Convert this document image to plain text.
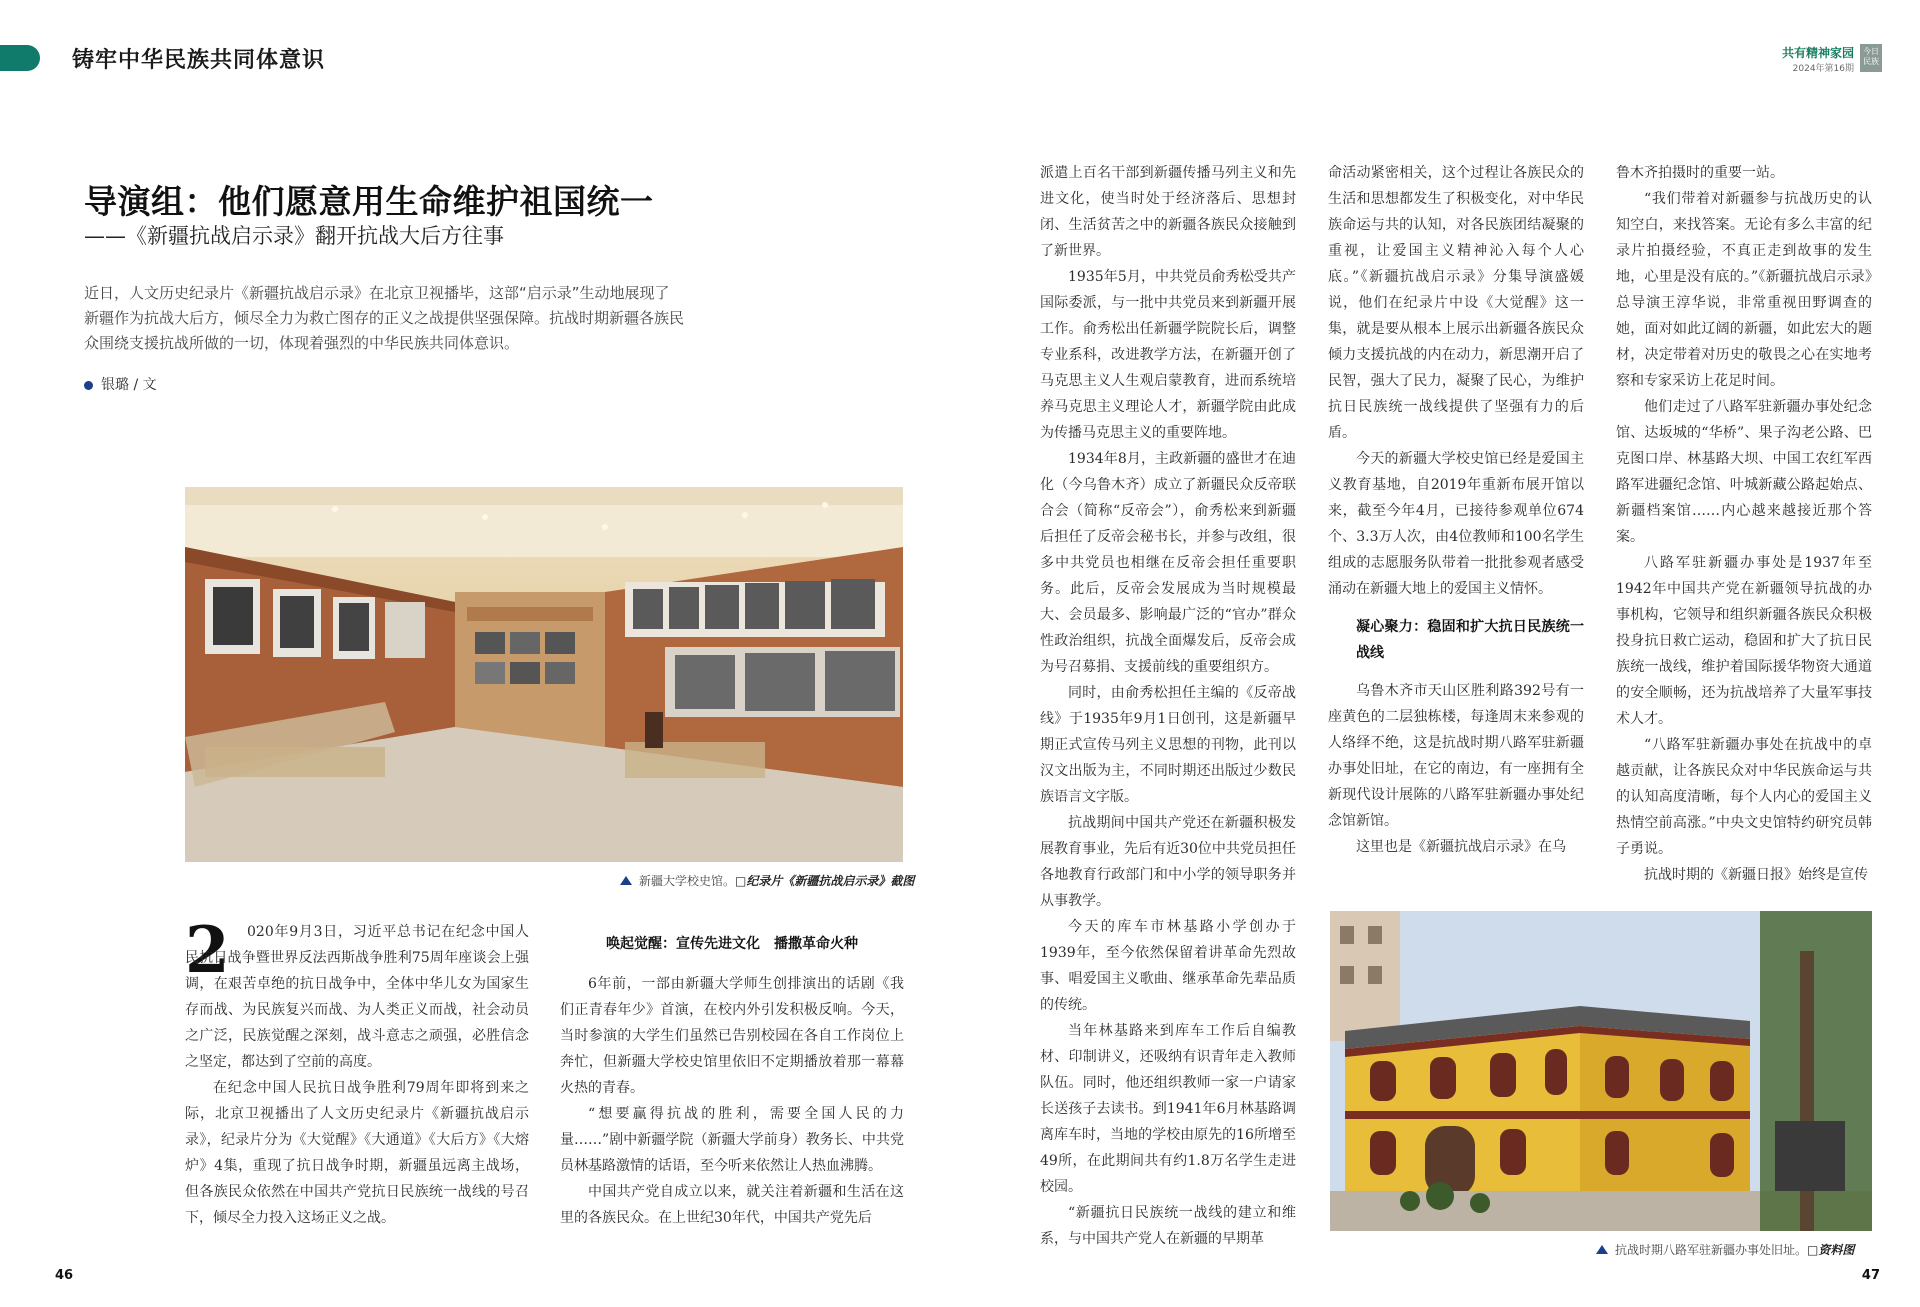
铸牢中华民族共同体意识	共有精神家园
2024年第16期
今日民族
导演组：他们愿意用生命维护祖国统一
——《新疆抗战启示录》翻开抗战大后方往事
近日，人文历史纪录片《新疆抗战启示录》在北京卫视播毕，这部“启示录”生动地展现了新疆作为抗战大后方，倾尽全力为救亡图存的正义之战提供坚强保障。抗战时期新疆各族民众围绕支援抗战所做的一切，体现着强烈的中华民族共同体意识。
银璐 / 文
新疆大学校史馆。□纪录片《新疆抗战启示录》截图
2	020年9月3日，习近平总书记在纪念中国人民抗日战争暨世界反法西斯战争胜利75周年座谈会上强调，在艰苦卓绝的抗日战争中，全体中华儿女为国家生存而战、为民族复兴而战、为人类正义而战，社会动员之广泛，民族觉醒之深刻，战斗意志之顽强，必胜信念之坚定，都达到了空前的高度。

在纪念中国人民抗日战争胜利79周年即将到来之际，北京卫视播出了人文历史纪录片《新疆抗战启示录》，纪录片分为《大觉醒》《大通道》《大后方》《大熔炉》4集，重现了抗日战争时期，新疆虽远离主战场，但各族民众依然在中国共产党抗日民族统一战线的号召下，倾尽全力投入这场正义之战。

唤起觉醒：宣传先进文化　播撒革命火种

6年前，一部由新疆大学师生创排演出的话剧《我们正青春年少》首演，在校内外引发积极反响。今天，当时参演的大学生们虽然已告别校园在各自工作岗位上奔忙，但新疆大学校史馆里依旧不定期播放着那一幕幕火热的青春。

“想要赢得抗战的胜利，需要全国人民的力量……”剧中新疆学院（新疆大学前身）教务长、中共党员林基路激情的话语，至今听来依然让人热血沸腾。

中国共产党自成立以来，就关注着新疆和生活在这里的各族民众。在上世纪30年代，中国共产党先后

派遣上百名干部到新疆传播马列主义和先进文化，使当时处于经济落后、思想封闭、生活贫苦之中的新疆各族民众接触到了新世界。

1935年5月，中共党员俞秀松受共产国际委派，与一批中共党员来到新疆开展工作。俞秀松出任新疆学院院长后，调整专业系科，改进教学方法，在新疆开创了马克思主义人生观启蒙教育，进而系统培养马克思主义理论人才，新疆学院由此成为传播马克思主义的重要阵地。

1934年8月，主政新疆的盛世才在迪化（今乌鲁木齐）成立了新疆民众反帝联合会（简称“反帝会”），俞秀松来到新疆后担任了反帝会秘书长，并参与改组，很多中共党员也相继在反帝会担任重要职务。此后，反帝会发展成为当时规模最大、会员最多、影响最广泛的“官办”群众性政治组织，抗战全面爆发后，反帝会成为号召募捐、支援前线的重要组织方。

同时，由俞秀松担任主编的《反帝战线》于1935年9月1日创刊，这是新疆早期正式宣传马列主义思想的刊物，此刊以汉文出版为主，不同时期还出版过少数民族语言文字版。

抗战期间中国共产党还在新疆积极发展教育事业，先后有近30位中共党员担任各地教育行政部门和中小学的领导职务并从事教学。

今天的库车市林基路小学创办于1939年，至今依然保留着讲革命先烈故事、唱爱国主义歌曲、继承革命先辈品质的传统。

当年林基路来到库车工作后自编教材、印制讲义，还吸纳有识青年走入教师队伍。同时，他还组织教师一家一户请家长送孩子去读书。到1941年6月林基路调离库车时，当地的学校由原先的16所增至49所，在此期间共有约1.8万名学生走进校园。

“新疆抗日民族统一战线的建立和维系，与中国共产党人在新疆的早期革

命活动紧密相关，这个过程让各族民众的生活和思想都发生了积极变化，对中华民族命运与共的认知，对各民族团结凝聚的重视，让爱国主义精神沁入每个人心底。”《新疆抗战启示录》分集导演盛媛说，他们在纪录片中设《大觉醒》这一集，就是要从根本上展示出新疆各族民众倾力支援抗战的内在动力，新思潮开启了民智，强大了民力，凝聚了民心，为维护抗日民族统一战线提供了坚强有力的后盾。

今天的新疆大学校史馆已经是爱国主义教育基地，自2019年重新布展开馆以来，截至今年4月，已接待参观单位674个、3.3万人次，由4位教师和100名学生组成的志愿服务队带着一批批参观者感受涌动在新疆大地上的爱国主义情怀。

凝心聚力：稳固和扩大抗日民族统一战线

乌鲁木齐市天山区胜利路392号有一座黄色的二层独栋楼，每逢周末来参观的人络绎不绝，这是抗战时期八路军驻新疆办事处旧址，在它的南边，有一座拥有全新现代设计展陈的八路军驻新疆办事处纪念馆新馆。

这里也是《新疆抗战启示录》在乌

鲁木齐拍摄时的重要一站。

“我们带着对新疆参与抗战历史的认知空白，来找答案。无论有多么丰富的纪录片拍摄经验，不真正走到故事的发生地，心里是没有底的。”《新疆抗战启示录》总导演王淳华说，非常重视田野调查的她，面对如此辽阔的新疆，如此宏大的题材，决定带着对历史的敬畏之心在实地考察和专家采访上花足时间。

他们走过了八路军驻新疆办事处纪念馆、达坂城的“华桥”、果子沟老公路、巴克图口岸、林基路大坝、中国工农红军西路军进疆纪念馆、叶城新藏公路起始点、新疆档案馆……内心越来越接近那个答案。

八路军驻新疆办事处是1937年至1942年中国共产党在新疆领导抗战的办事机构，它领导和组织新疆各族民众积极投身抗日救亡运动，稳固和扩大了抗日民族统一战线，维护着国际援华物资大通道的安全顺畅，还为抗战培养了大量军事技术人才。

“八路军驻新疆办事处在抗战中的卓越贡献，让各族民众对中华民族命运与共的认知高度清晰，每个人内心的爱国主义热情空前高涨。”中央文史馆特约研究员韩子勇说。

抗战时期的《新疆日报》始终是宣传

抗战时期八路军驻新疆办事处旧址。□资料图
46	47
